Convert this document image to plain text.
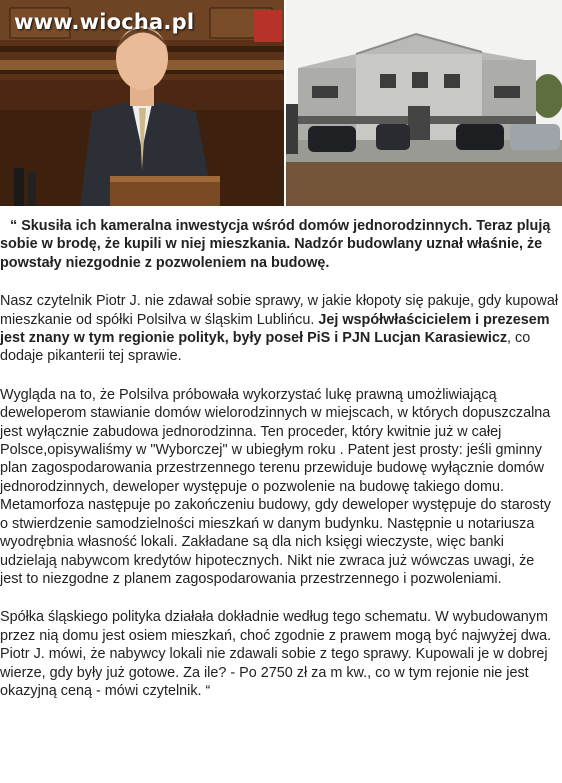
www.wiocha.pl

“ Skusiła ich kameralna inwestycja wśród domów jednorodzinnych. Teraz plują sobie w brodę, że kupili w niej mieszkania. Nadzór budowlany uznał właśnie, że powstały niezgodnie z pozwoleniem na budowę.

Nasz czytelnik Piotr J. nie zdawał sobie sprawy, w jakie kłopoty się pakuje, gdy kupował mieszkanie od spółki Polsilva w śląskim Lublińcu. Jej współwłaścicielem i prezesem jest znany w tym regionie polityk, były poseł PiS i PJN Lucjan Karasiewicz, co dodaje pikanterii tej sprawie.

Wygląda na to, że Polsilva próbowała wykorzystać lukę prawną umożliwiającą deweloperom stawianie domów wielorodzinnych w miejscach, w których dopuszczalna jest wyłącznie zabudowa jednorodzinna. Ten proceder, który kwitnie już w całej Polsce,opisywaliśmy w "Wyborczej" w ubiegłym roku . Patent jest prosty: jeśli gminny plan zagospodarowania przestrzennego terenu przewiduje budowę wyłącznie domów jednorodzinnych, deweloper występuje o pozwolenie na budowę takiego domu. Metamorfoza następuje po zakończeniu budowy, gdy deweloper występuje do starosty o stwierdzenie samodzielności mieszkań w danym budynku. Następnie u notariusza wyodrębnia własność lokali. Zakładane są dla nich księgi wieczyste, więc banki udzielają nabywcom kredytów hipotecznych. Nikt nie zwraca już wówczas uwagi, że jest to niezgodne z planem zagospodarowania przestrzennego i pozwoleniami.

Spółka śląskiego polityka działała dokładnie według tego schematu. W wybudowanym przez nią domu jest osiem mieszkań, choć zgodnie z prawem mogą być najwyżej dwa. Piotr J. mówi, że nabywcy lokali nie zdawali sobie z tego sprawy. Kupowali je w dobrej wierze, gdy były już gotowe. Za ile? - Po 2750 zł za m kw., co w tym rejonie nie jest okazyjną ceną - mówi czytelnik. “
